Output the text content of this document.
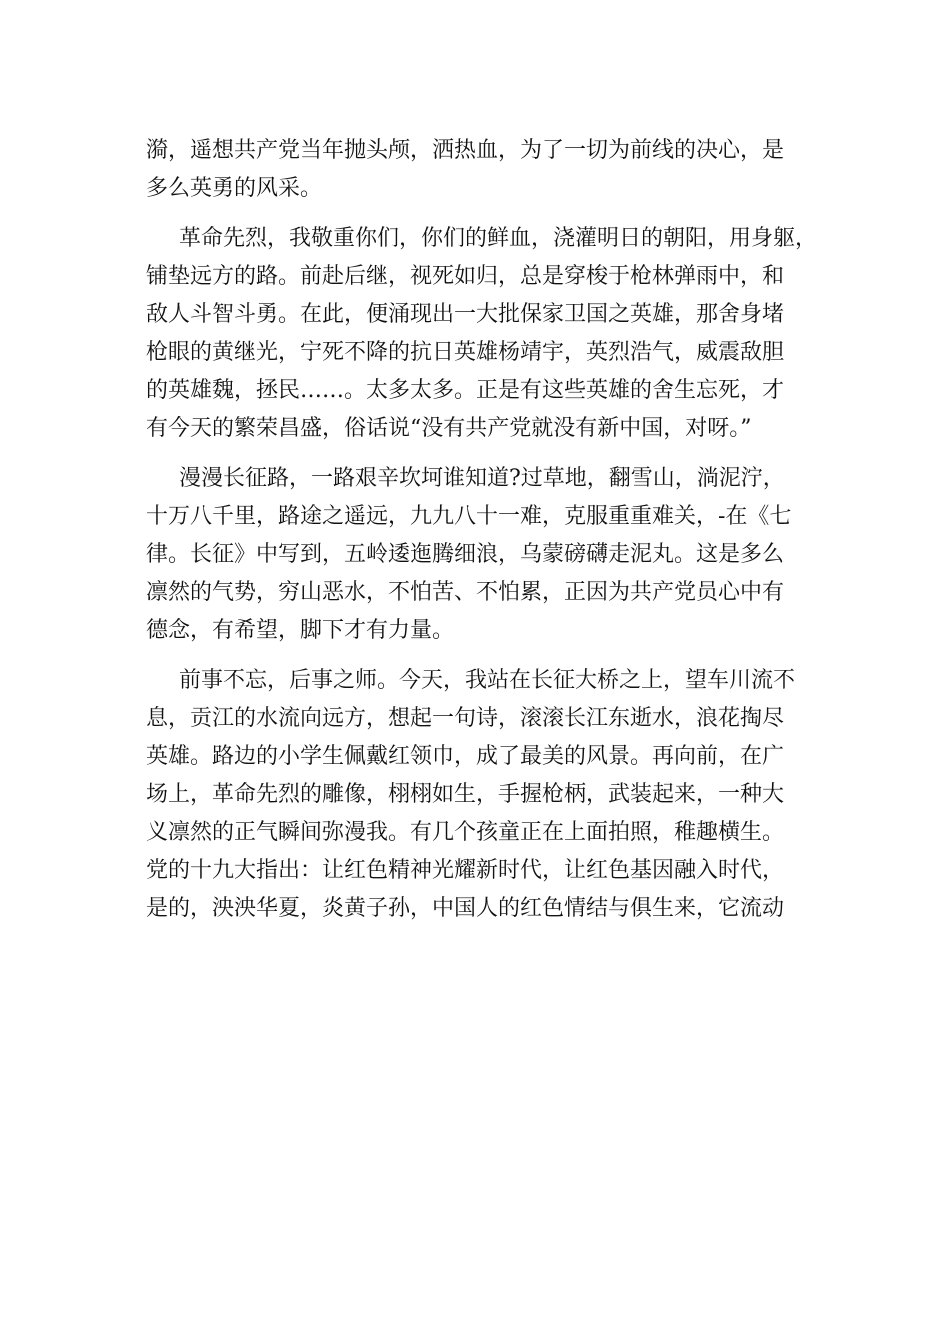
漪，遥想共产党当年抛头颅，洒热血，为了一切为前线的决心，是
多么英勇的风采。
革命先烈，我敬重你们，你们的鲜血，浇灌明日的朝阳，用身躯，
铺垫远方的路。前赴后继，视死如归，总是穿梭于枪林弹雨中，和
敌人斗智斗勇。在此，便涌现出一大批保家卫国之英雄，那舍身堵
枪眼的黄继光，宁死不降的抗日英雄杨靖宇，英烈浩气，威震敌胆
的英雄魏，拯民……。太多太多。正是有这些英雄的舍生忘死，才
有今天的繁荣昌盛，俗话说“没有共产党就没有新中国，对呀。”
漫漫长征路，一路艰辛坎坷谁知道?过草地，翻雪山，淌泥泞，
十万八千里，路途之遥远，九九八十一难，克服重重难关，-在《七
律。长征》中写到，五岭逶迤腾细浪，乌蒙磅礴走泥丸。这是多么
凛然的气势，穷山恶水，不怕苦、不怕累，正因为共产党员心中有
德念，有希望，脚下才有力量。
前事不忘，后事之师。今天，我站在长征大桥之上，望车川流不
息，贡江的水流向远方，想起一句诗，滚滚长江东逝水，浪花掏尽
英雄。路边的小学生佩戴红领巾，成了最美的风景。再向前，在广
场上，革命先烈的雕像，栩栩如生，手握枪柄，武装起来，一种大
义凛然的正气瞬间弥漫我。有几个孩童正在上面拍照，稚趣横生。
党的十九大指出：让红色精神光耀新时代，让红色基因融入时代，
是的，泱泱华夏，炎黄子孙，中国人的红色情结与俱生来，它流动
